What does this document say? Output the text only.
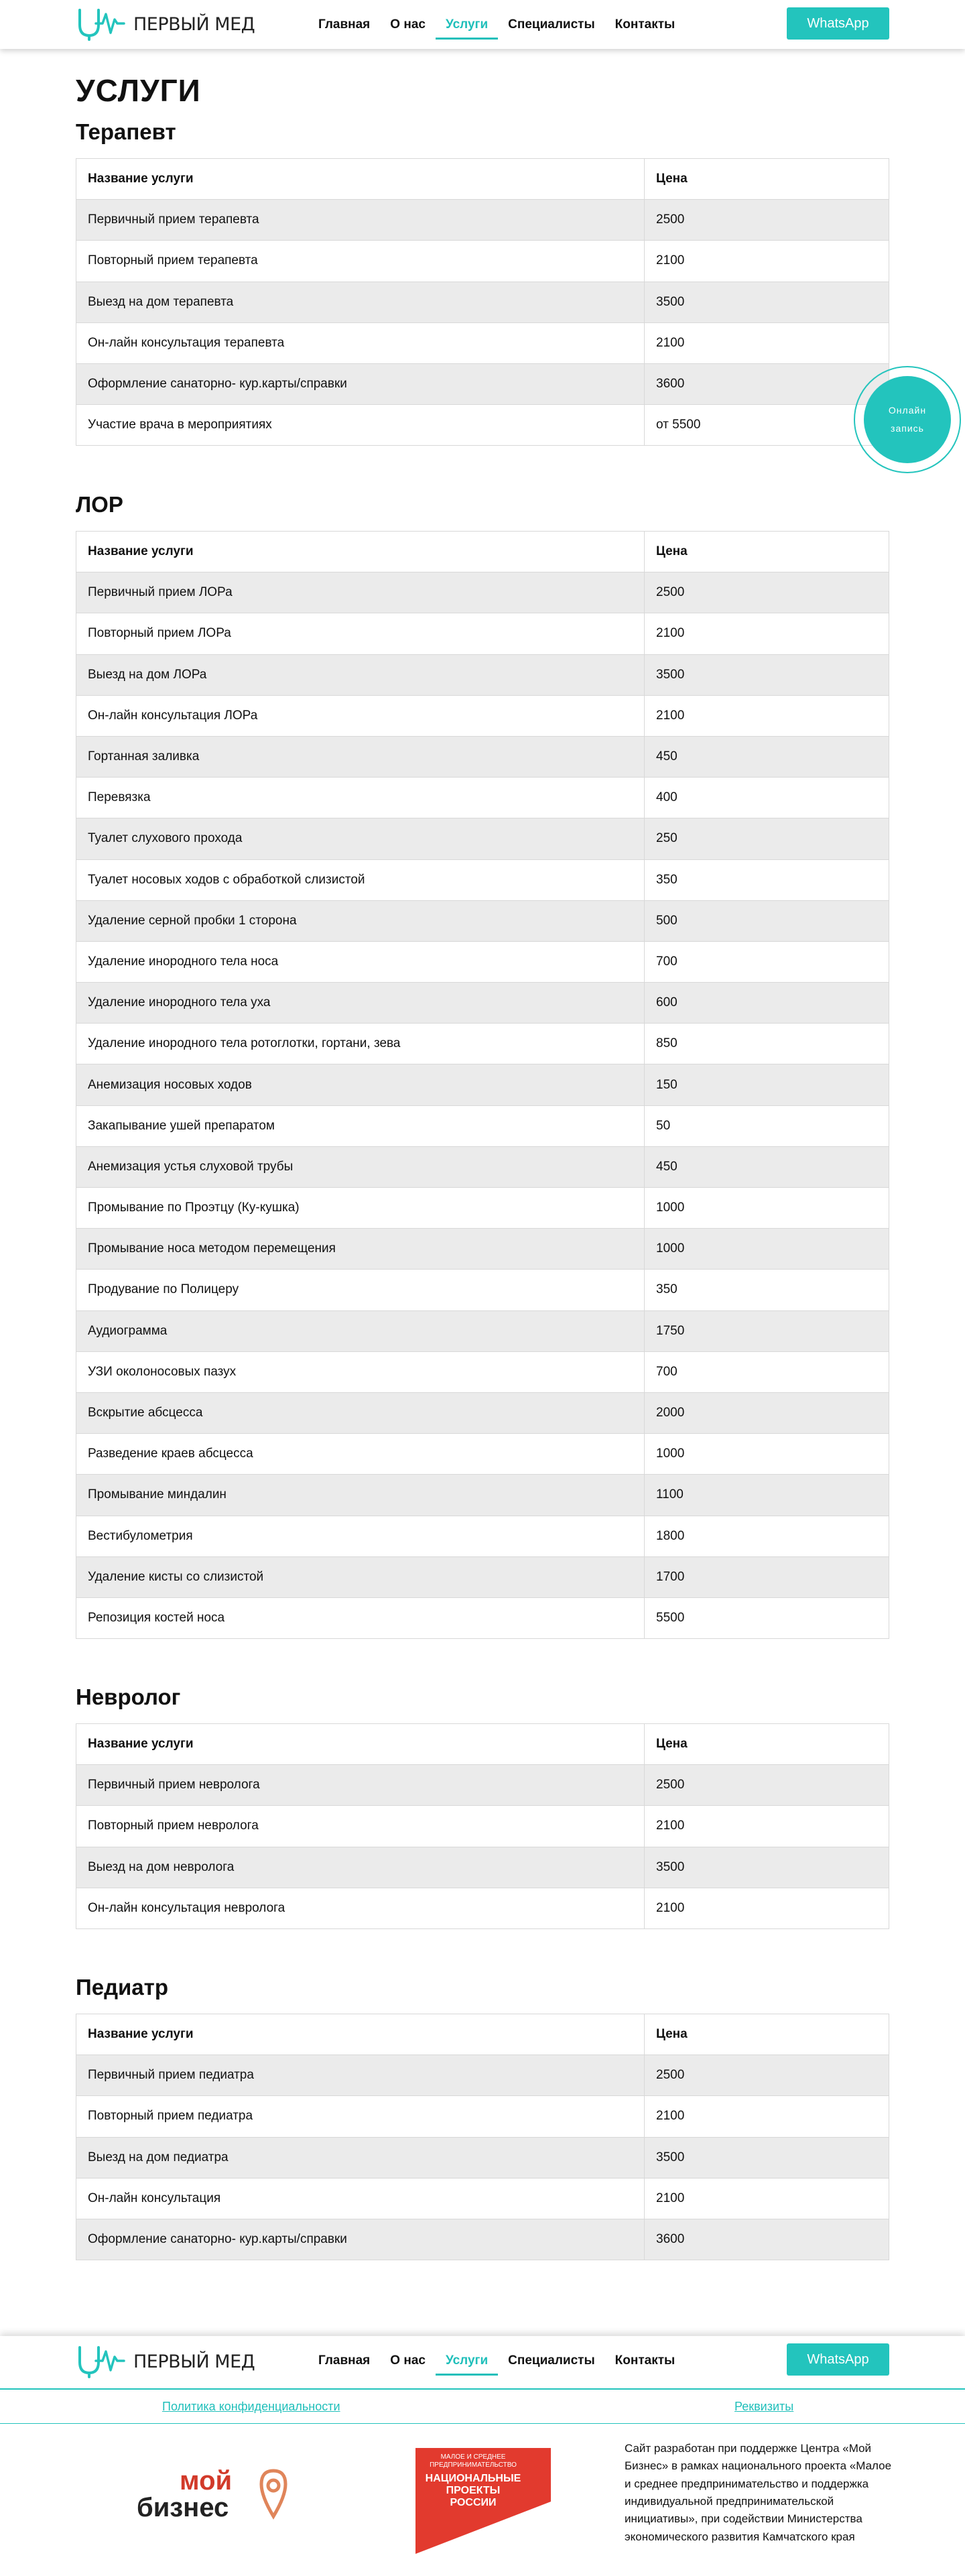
ПЕРВЫЙ МЕД	Главная	О нас	Услуги	Специалисты	Контакты	WhatsApp
УСЛУГИ
Терапевт
Название услуги	Цена
Первичный прием терапевта	2500
Повторный прием терапевта	2100
Выезд на дом терапевта	3500
Он-лайн консультация терапевта	2100
Оформление санаторно- кур.карты/справки	3600
Участие врача в мероприятиях	от 5500
ЛОР
Название услуги	Цена
Первичный прием ЛОРа	2500
Повторный прием ЛОРа	2100
Выезд на дом ЛОРа	3500
Он-лайн консультация ЛОРа	2100
Гортанная заливка	450
Перевязка	400
Туалет слухового прохода	250
Туалет носовых ходов с обработкой слизистой	350
Удаление серной пробки 1 сторона	500
Удаление инородного тела носа	700
Удаление инородного тела уха	600
Удаление инородного тела ротоглотки, гортани, зева	850
Анемизация носовых ходов	150
Закапывание ушей препаратом	50
Анемизация устья слуховой трубы	450
Промывание по Проэтцу (Ку-кушка)	1000
Промывание носа методом перемещения	1000
Продувание по Полицеру	350
Аудиограмма	1750
УЗИ околоносовых пазух	700
Вскрытие абсцесса	2000
Разведение краев абсцесса	1000
Промывание миндалин	1100
Вестибулометрия	1800
Удаление кисты со слизистой	1700
Репозиция костей носа	5500
Невролог
Название услуги	Цена
Первичный прием невролога	2500
Повторный прием невролога	2100
Выезд на дом невролога	3500
Он-лайн консультация невролога	2100
Педиатр
Название услуги	Цена
Первичный прием педиатра	2500
Повторный прием педиатра	2100
Выезд на дом педиатра	3500
Он-лайн консультация	2100
Оформление санаторно- кур.карты/справки	3600
Онлайн запись
ПЕРВЫЙ МЕД	Главная	О нас	Услуги	Специалисты	Контакты	WhatsApp
Политика конфиденциальности	Реквизиты
мой
бизнес
МАЛОЕ И СРЕДНЕЕ
ПРЕДПРИНИМАТЕЛЬСТВО
НАЦИОНАЛЬНЫЕ
ПРОЕКТЫ
РОССИИ
Сайт разработан при поддержке Центра «Мой Бизнес» в рамках национального проекта «Малое и среднее предпринимательство и поддержка индивидуальной предпринимательской инициативы», при содействии Министерства экономического развития Камчатского края
